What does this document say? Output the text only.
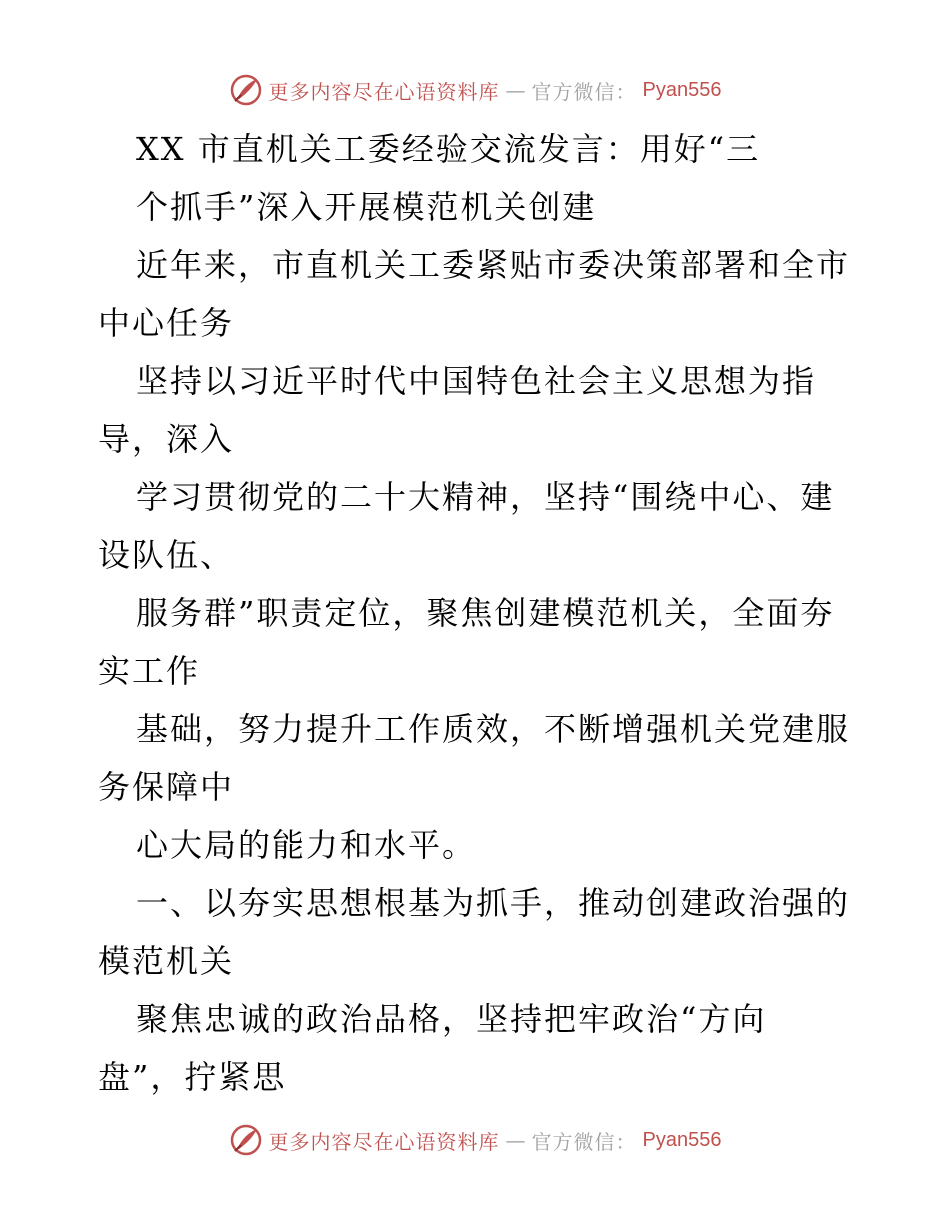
更多内容尽在心语资料库 — 官方微信： Pyan556

XX 市直机关工委经验交流发言：用好“三

个抓手”深入开展模范机关创建

近年来，市直机关工委紧贴市委决策部署和全市

中心任务

坚持以习近平时代中国特色社会主义思想为指

导，深入

学习贯彻党的二十大精神，坚持“围绕中心、建

设队伍、

服务群”职责定位，聚焦创建模范机关，全面夯

实工作

基础，努力提升工作质效，不断增强机关党建服

务保障中

心大局的能力和水平。

一、以夯实思想根基为抓手，推动创建政治强的

模范机关

聚焦忠诚的政治品格，坚持把牢政治“方向

盘”，拧紧思

更多内容尽在心语资料库 — 官方微信： Pyan556
